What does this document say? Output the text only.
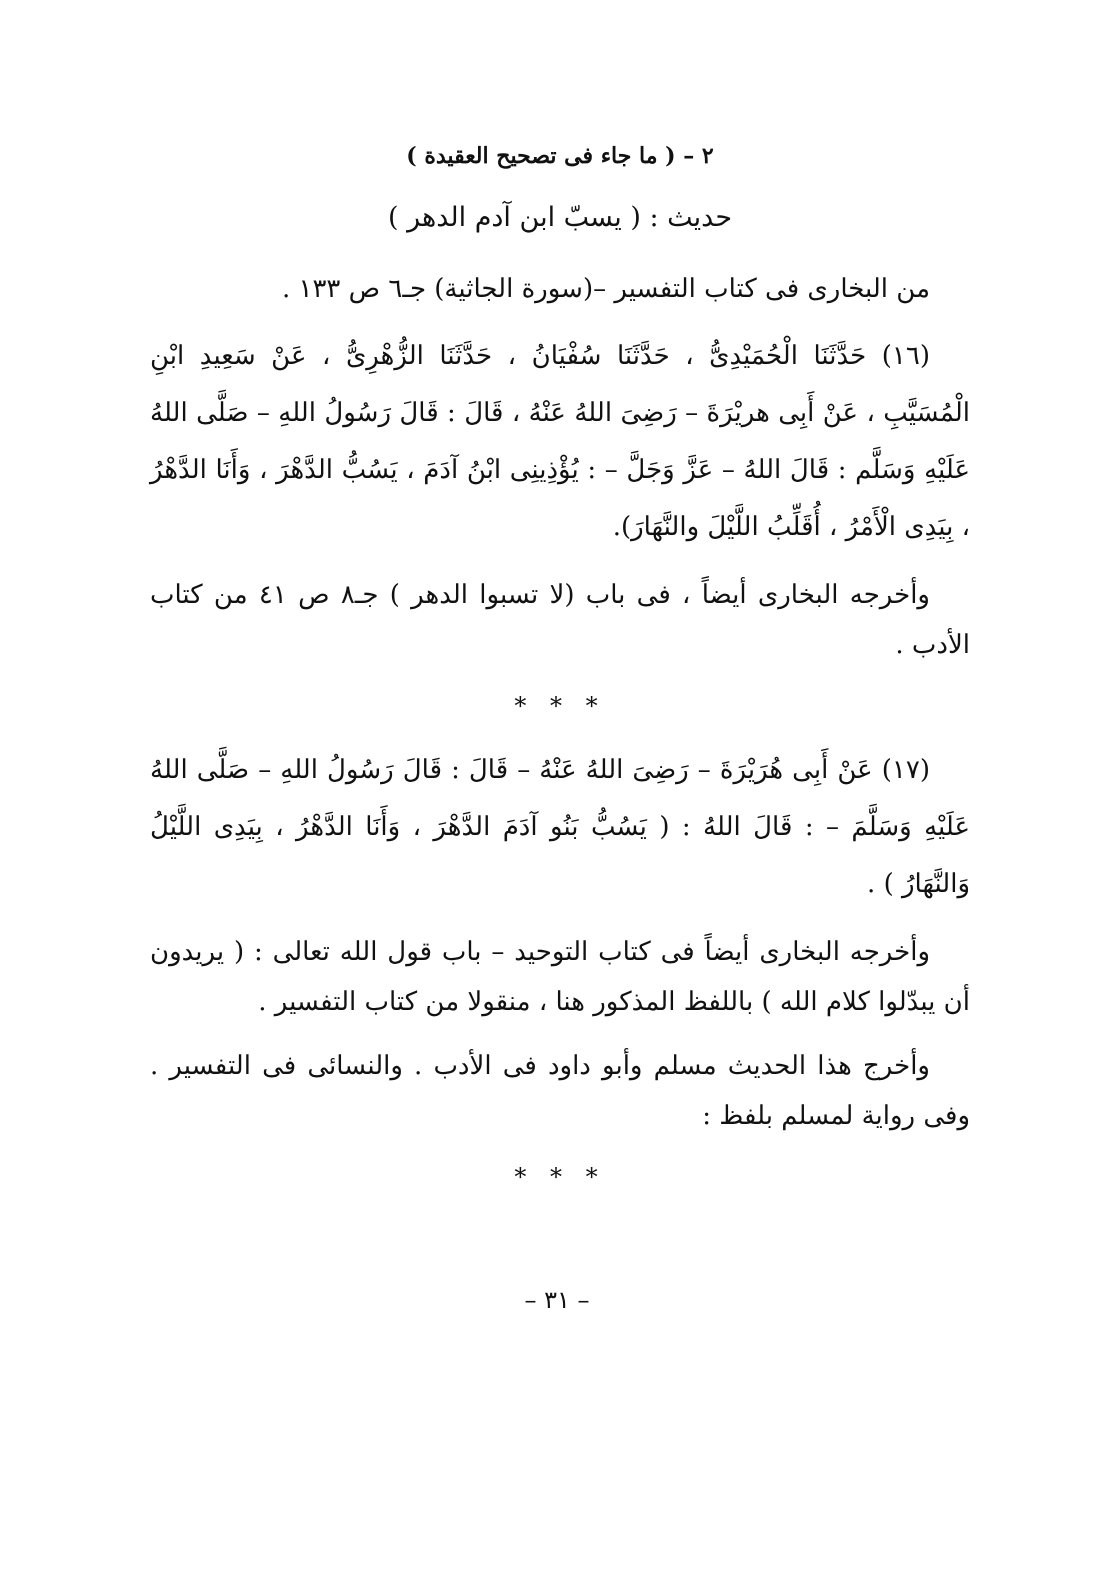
٢ – ( ما جاء فى تصحيح العقيدة )
حديث : ( يسبّ ابن آدم الدهر )

من البخارى فى كتاب التفسير –(سورة الجاثية) جـ٦ ص ١٣٣ .

(١٦) حَدَّثَنَا الْحُمَيْدِىُّ ، حَدَّثَنَا سُفْيَانُ ، حَدَّثَنَا الزُّهْرِىُّ ، عَنْ سَعِيدِ ابْنِ الْمُسَيَّبِ ، عَنْ أَبِى هريْرَةَ – رَضِىَ اللهُ عَنْهُ ، قَالَ : قَالَ رَسُولُ اللهِ – صَلَّى اللهُ عَلَيْهِ وَسَلَّم : قَالَ اللهُ – عَزَّ وَجَلَّ – : يُؤْذِينِى ابْنُ آدَمَ ، يَسُبُّ الدَّهْرَ ، وَأَنَا الدَّهْرُ ، بِيَدِى الْأَمْرُ ، أُقَلِّبُ اللَّيْلَ والنَّهَارَ).

وأخرجه البخارى أيضاً ، فى باب (لا تسبوا الدهر ) جـ٨ ص ٤١ من كتاب الأدب .

* * *

(١٧) عَنْ أَبِى هُرَيْرَةَ – رَضِىَ اللهُ عَنْهُ – قَالَ : قَالَ رَسُولُ اللهِ – صَلَّى اللهُ عَلَيْهِ وَسَلَّمَ – : قَالَ اللهُ : ( يَسُبُّ بَنُو آدَمَ الدَّهْرَ ، وَأَنَا الدَّهْرُ ، بِيَدِى اللَّيْلُ وَالنَّهَارُ ) .

وأخرجه البخارى أيضاً فى كتاب التوحيد – باب قول الله تعالى : ( يريدون أن يبدّلوا كلام الله ) باللفظ المذكور هنا ، منقولا من كتاب التفسير .

وأخرج هذا الحديث مسلم وأبو داود فى الأدب . والنسائى فى التفسير . وفى رواية لمسلم بلفظ :

* * *
– ٣١ –
